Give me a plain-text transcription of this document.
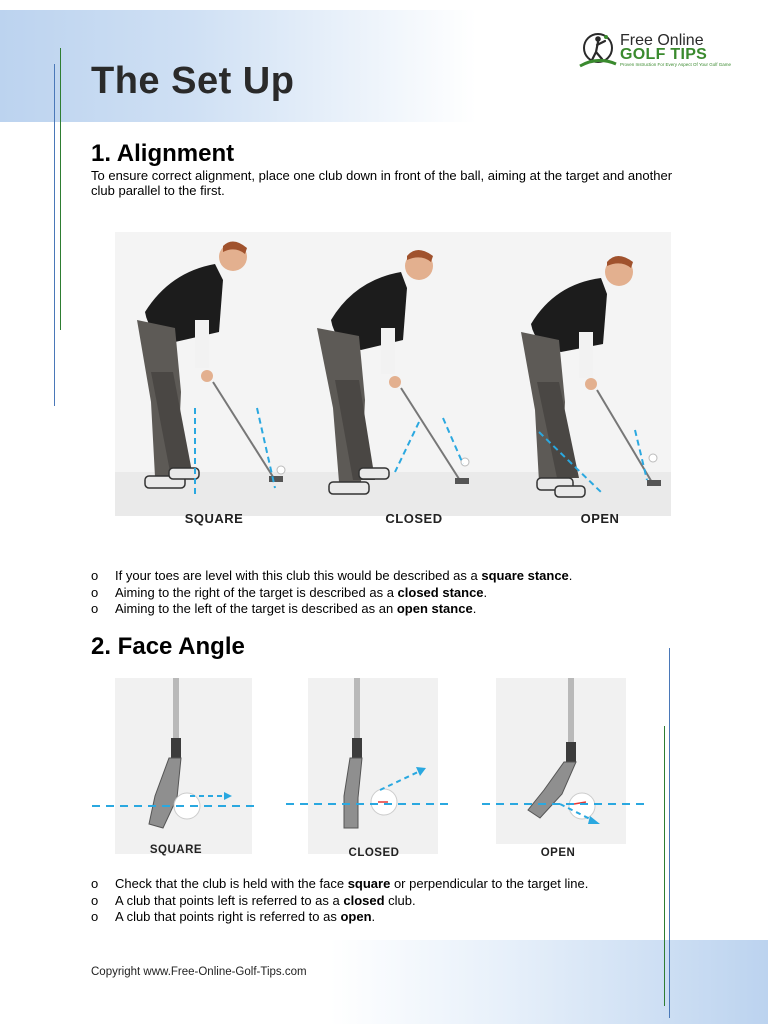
The Set Up
Free Online
GOLF TIPS
Proven Instruction For Every Aspect Of Your Golf Game
1. Alignment

To ensure correct alignment, place one club down in front of the ball, aiming at the target and another club parallel to the first.

SQUARE	CLOSED	OPEN
o If your toes are level with this club this would be described as a square stance.
o Aiming to the right of the target is described as a closed stance.
o Aiming to the left of the target is described as an open stance.
2. Face Angle
SQUARE	CLOSED	OPEN
o Check that the club is held with the face square or perpendicular to the target line.
o A club that points left is referred to as a closed club.
o A club that points right is referred to as open.
Copyright www.Free-Online-Golf-Tips.com
